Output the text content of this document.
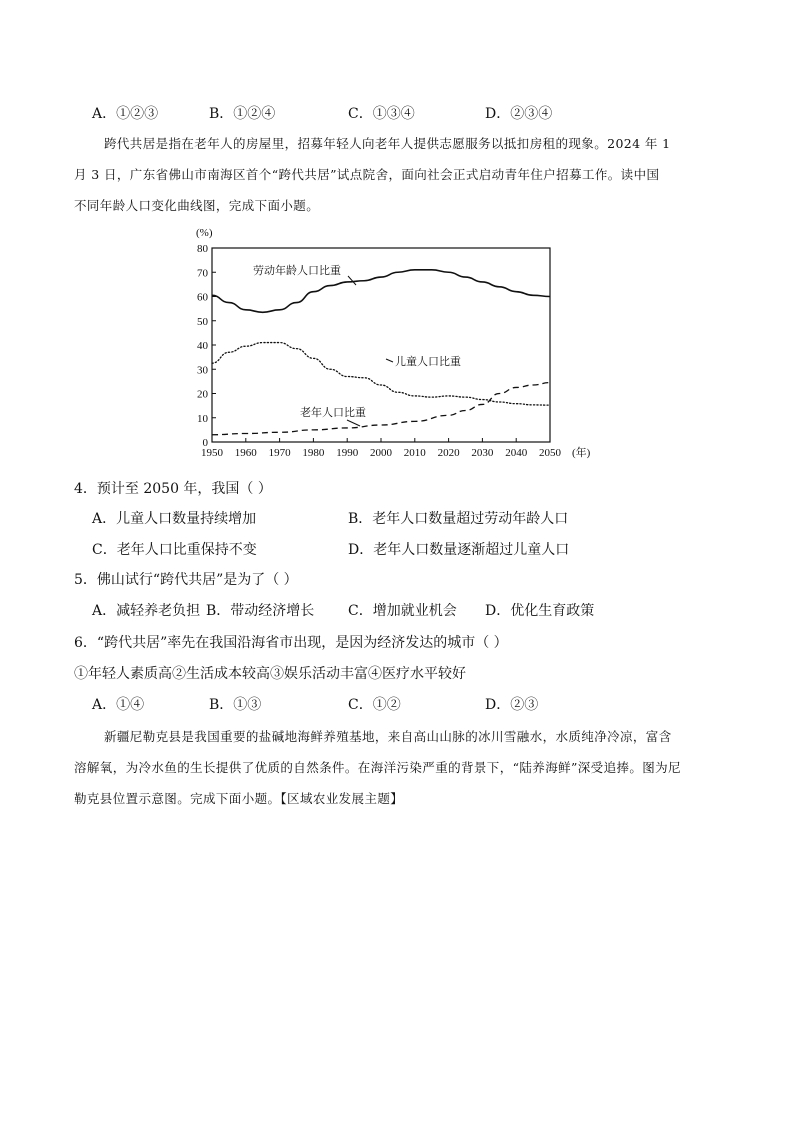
A．①②③	B．①②④	C．①③④	D．②③④
跨代共居是指在老年人的房屋里，招募年轻人向老年人提供志愿服务以抵扣房租的现象。2024 年 1
月 3 日，广东省佛山市南海区首个“跨代共居”试点院舍，面向社会正式启动青年住户招募工作。读中国
不同年龄人口变化曲线图，完成下面小题。
(%)
0
10
20
30
40
50
60
70
80
1950 1960 1970 1980 1990 2000 2010 2020 2030 2040 2050 (年)
劳动年龄人口比重
儿童人口比重
老年人口比重
4．预计至 2050 年，我国（ ）
A．儿童人口数量持续增加	B．老年人口数量超过劳动年龄人口
C．老年人口比重保持不变	D．老年人口数量逐渐超过儿童人口
5．佛山试行“跨代共居”是为了（ ）
A．减轻养老负担 B．带动经济增长 C．增加就业机会 D．优化生育政策
6．“跨代共居”率先在我国沿海省市出现，是因为经济发达的城市（ ）
①年轻人素质高②生活成本较高③娱乐活动丰富④医疗水平较好
A．①④	B．①③	C．①②	D．②③
新疆尼勒克县是我国重要的盐碱地海鲜养殖基地，来自高山山脉的冰川雪融水，水质纯净冷凉，富含
溶解氧，为冷水鱼的生长提供了优质的自然条件。在海洋污染严重的背景下，“陆养海鲜”深受追捧。图为尼
勒克县位置示意图。完成下面小题。【区域农业发展主题】
